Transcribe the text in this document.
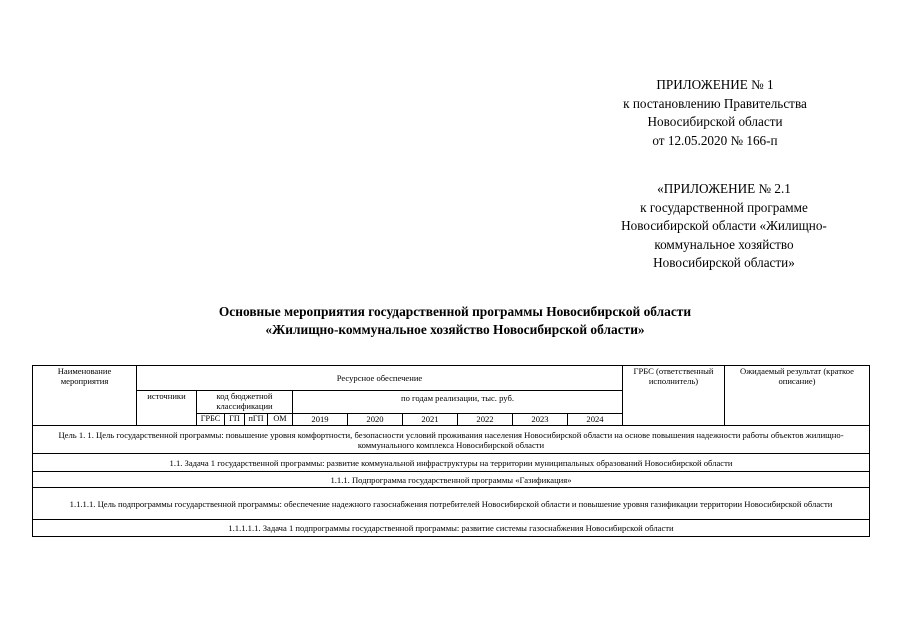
ПРИЛОЖЕНИЕ № 1
к постановлению Правительства
Новосибирской области
от 12.05.2020 № 166-п
«ПРИЛОЖЕНИЕ № 2.1
к государственной программе
Новосибирской области «Жилищно-
коммунальное хозяйство
Новосибирской области»
Основные мероприятия государственной программы Новосибирской области
«Жилищно-коммунальное хозяйство Новосибирской области»
Наименование мероприятия	Ресурсное обеспечение											ГРБС (ответственный исполнитель)	Ожидаемый результат (краткое описание)
	источники	код бюджетной классификации				по годам реализации, тыс. руб.							

		ГРБС	ГП	пГП	ОМ	2019	2020	2021	2022	2023	2024		
Цель 1. 1. Цель государственной программы: повышение уровня комфортности, безопасности условий проживания населения Новосибирской области на основе повышения надежности работы объектов жилищно-коммунального комплекса Новосибирской области													
1.1. Задача 1 государственной программы: развитие коммунальной инфраструктуры на территории муниципальных образований Новосибирской области													
1.1.1. Подпрограмма государственной программы «Газификация»													
1.1.1.1. Цель подпрограммы государственной программы: обеспечение надежного газоснабжения потребителей Новосибирской области и повышение уровня газификации территории Новосибирской области													
1.1.1.1.1. Задача 1 подпрограммы государственной программы: развитие системы газоснабжения Новосибирской области													
